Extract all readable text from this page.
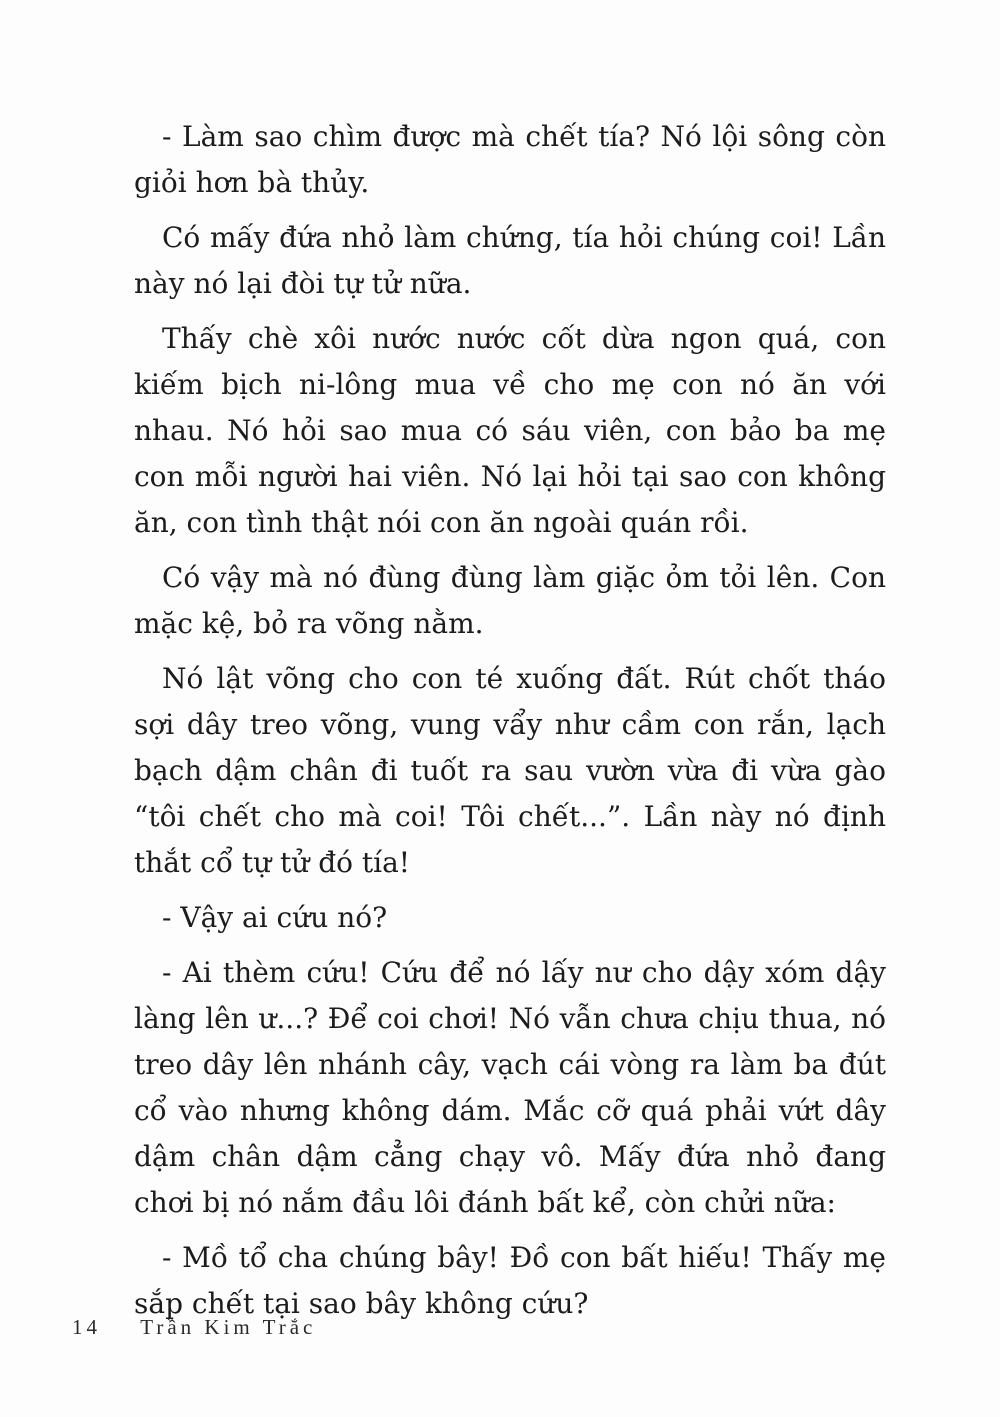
- Làm sao chìm được mà chết tía? Nó lội sông còn giỏi hơn bà thủy.

Có mấy đứa nhỏ làm chứng, tía hỏi chúng coi! Lần này nó lại đòi tự tử nữa.

Thấy chè xôi nước nước cốt dừa ngon quá, con kiếm bịch ni-lông mua về cho mẹ con nó ăn với nhau. Nó hỏi sao mua có sáu viên, con bảo ba mẹ con mỗi người hai viên. Nó lại hỏi tại sao con không ăn, con tình thật nói con ăn ngoài quán rồi.

Có vậy mà nó đùng đùng làm giặc ỏm tỏi lên. Con mặc kệ, bỏ ra võng nằm.

Nó lật võng cho con té xuống đất. Rút chốt tháo sợi dây treo võng, vung vẩy như cầm con rắn, lạch bạch dậm chân đi tuốt ra sau vườn vừa đi vừa gào “tôi chết cho mà coi! Tôi chết...”. Lần này nó định thắt cổ tự tử đó tía!

- Vậy ai cứu nó?

- Ai thèm cứu! Cứu để nó lấy nư cho dậy xóm dậy làng lên ư...? Để coi chơi! Nó vẫn chưa chịu thua, nó treo dây lên nhánh cây, vạch cái vòng ra làm ba đút cổ vào nhưng không dám. Mắc cỡ quá phải vứt dây dậm chân dậm cẳng chạy vô. Mấy đứa nhỏ đang chơi bị nó nắm đầu lôi đánh bất kể, còn chửi nữa:

- Mồ tổ cha chúng bây! Đồ con bất hiếu! Thấy mẹ sắp chết tại sao bây không cứu?

14 Trần Kim Trắc
